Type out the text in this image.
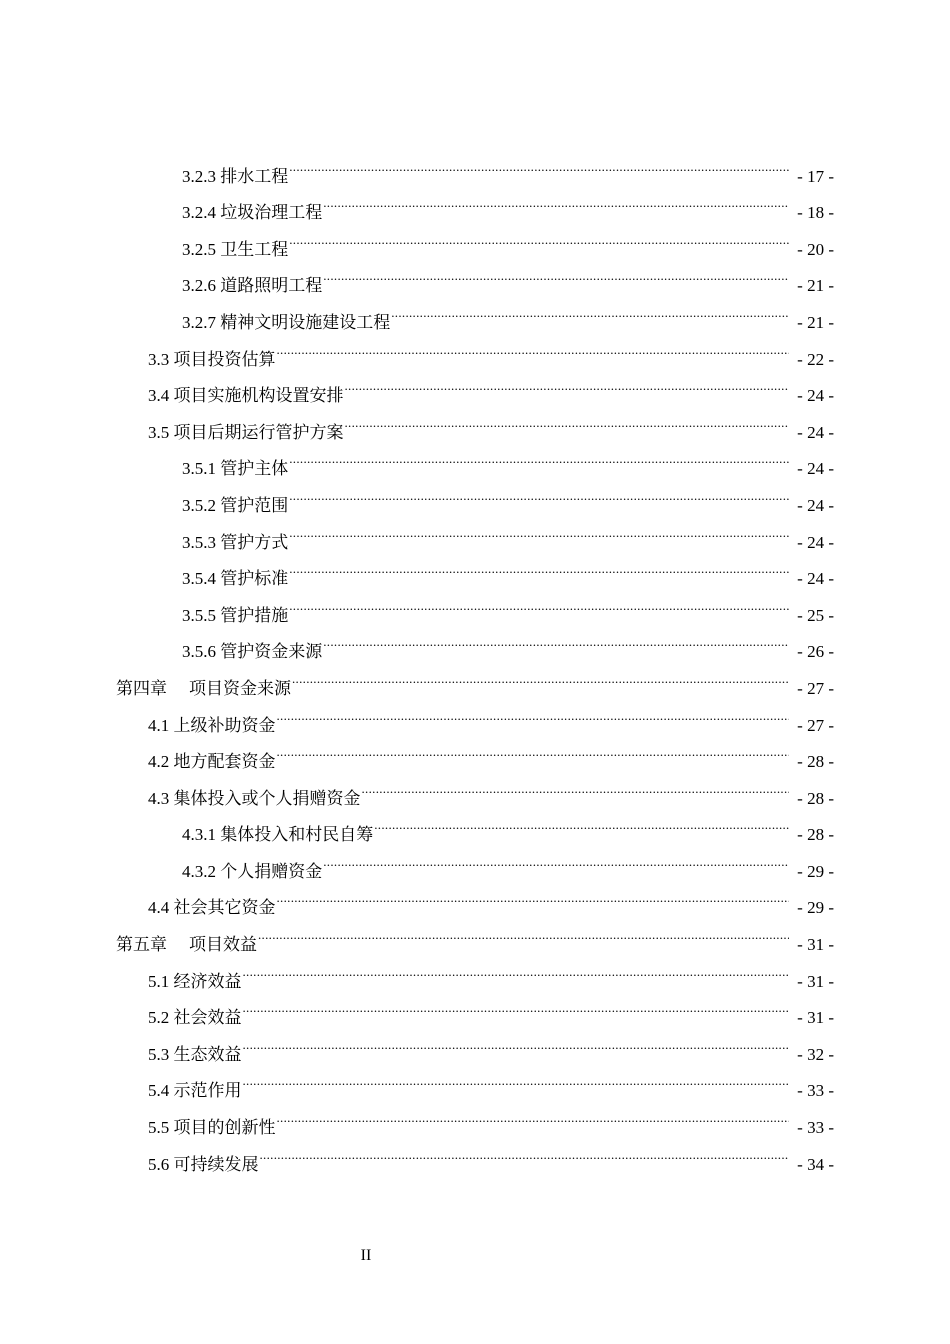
3.2.3 排水工程 .....	- 17 -
3.2.4 垃圾治理工程 .....	- 18 -
3.2.5 卫生工程 .....	- 20 -
3.2.6 道路照明工程 .....	- 21 -
3.2.7 精神文明设施建设工程 .....	- 21 -
3.3 项目投资估算 .....	- 22 -
3.4 项目实施机构设置安排 .....	- 24 -
3.5 项目后期运行管护方案 .....	- 24 -
3.5.1 管护主体 .....	- 24 -
3.5.2 管护范围 .....	- 24 -
3.5.3 管护方式 .....	- 24 -
3.5.4 管护标准 .....	- 24 -
3.5.5 管护措施 .....	- 25 -
3.5.6 管护资金来源 .....	- 26 -
第四章 项目资金来源 .....	- 27 -
4.1 上级补助资金 .....	- 27 -
4.2 地方配套资金 .....	- 28 -
4.3 集体投入或个人捐赠资金 .....	- 28 -
4.3.1 集体投入和村民自筹 .....	- 28 -
4.3.2 个人捐赠资金 .....	- 29 -
4.4 社会其它资金 .....	- 29 -
第五章 项目效益 .....	- 31 -
5.1 经济效益 .....	- 31 -
5.2 社会效益 .....	- 31 -
5.3 生态效益 .....	- 32 -
5.4 示范作用 .....	- 33 -
5.5 项目的创新性 .....	- 33 -
5.6 可持续发展 .....	- 34 -
II
